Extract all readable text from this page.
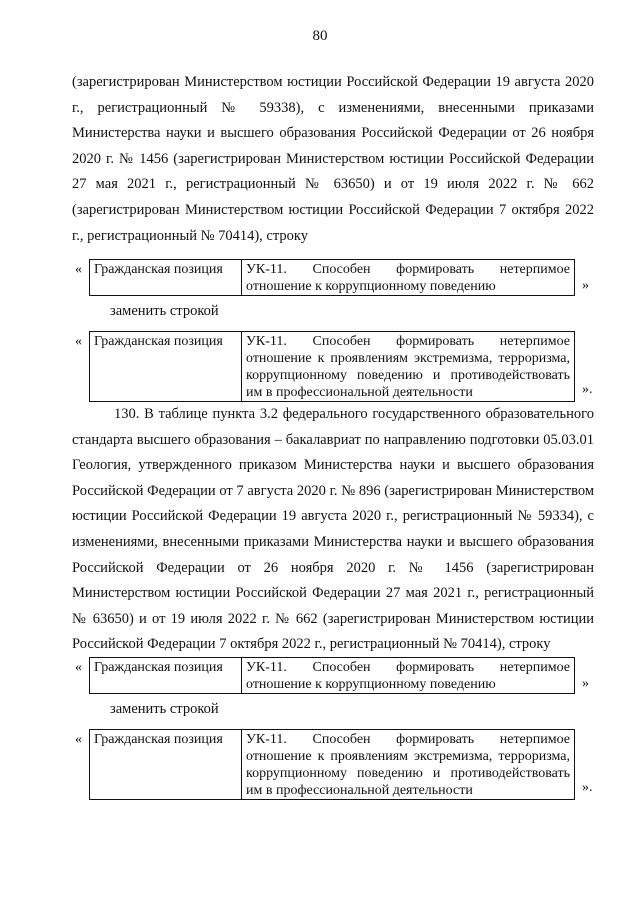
80
(зарегистрирован Министерством юстиции Российской Федерации 19 августа 2020 г., регистрационный № 59338), с изменениями, внесенными приказами Министерства науки и высшего образования Российской Федерации от 26 ноября 2020 г. № 1456 (зарегистрирован Министерством юстиции Российской Федерации 27 мая 2021 г., регистрационный № 63650) и от 19 июля 2022 г. № 662 (зарегистрирован Министерством юстиции Российской Федерации 7 октября 2022 г., регистрационный № 70414), строку
« Гражданская позиция	УК-11. Способен формировать нетерпимое отношение к коррупционному поведению	»
заменить строкой
« Гражданская позиция	УК-11. Способен формировать нетерпимое отношение к проявлениям экстремизма, терроризма, коррупционному поведению и противодействовать им в профессиональной деятельности	».
130. В таблице пункта 3.2 федерального государственного образовательного стандарта высшего образования – бакалавриат по направлению подготовки 05.03.01 Геология, утвержденного приказом Министерства науки и высшего образования Российской Федерации от 7 августа 2020 г. № 896 (зарегистрирован Министерством юстиции Российской Федерации 19 августа 2020 г., регистрационный № 59334), с изменениями, внесенными приказами Министерства науки и высшего образования Российской Федерации от 26 ноября 2020 г. № 1456 (зарегистрирован Министерством юстиции Российской Федерации 27 мая 2021 г., регистрационный № 63650) и от 19 июля 2022 г. № 662 (зарегистрирован Министерством юстиции Российской Федерации 7 октября 2022 г., регистрационный № 70414), строку
« Гражданская позиция	УК-11. Способен формировать нетерпимое отношение к коррупционному поведению	»
заменить строкой
« Гражданская позиция	УК-11. Способен формировать нетерпимое отношение к проявлениям экстремизма, терроризма, коррупционному поведению и противодействовать им в профессиональной деятельности	».
